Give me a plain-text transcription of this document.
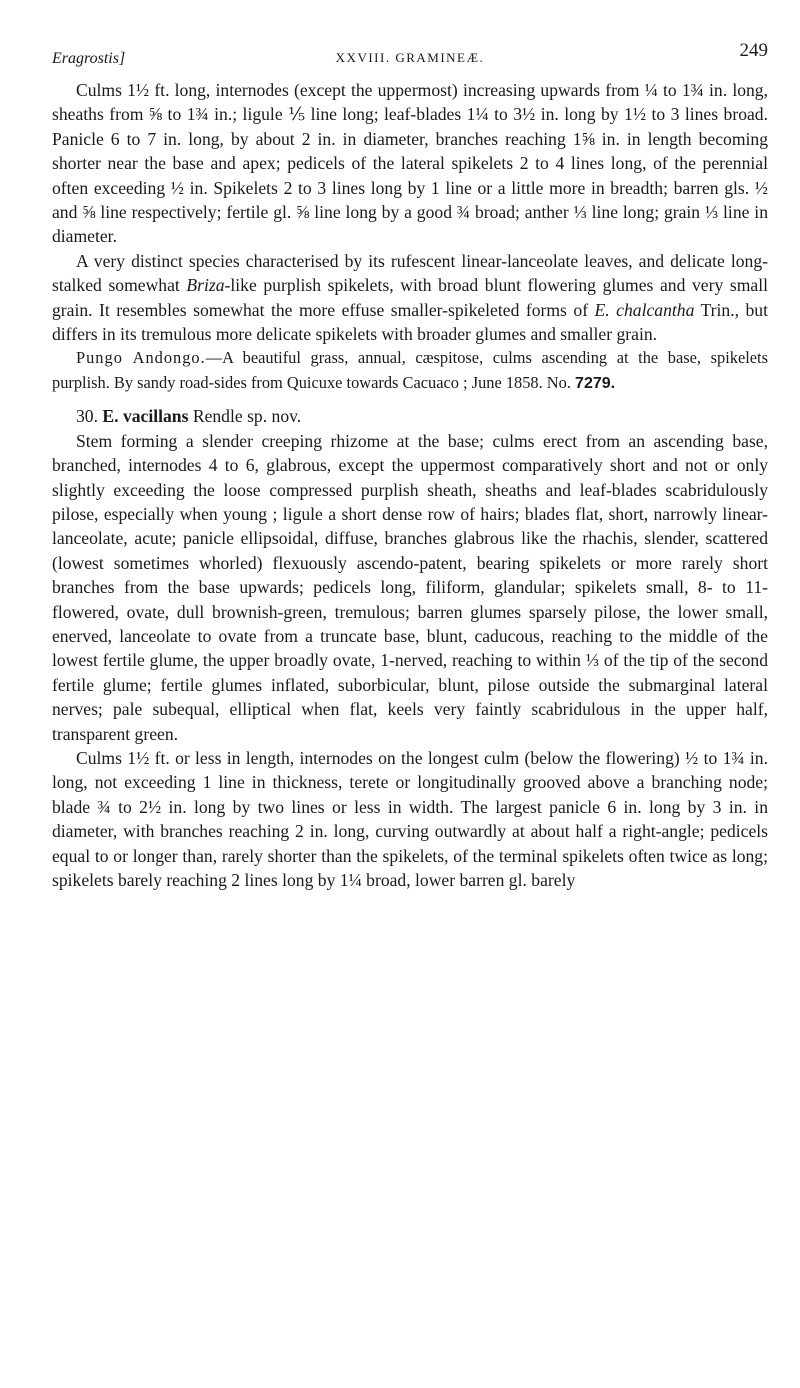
Eragrostis]	XXVIII. GRAMINEÆ.	249

Culms 1½ ft. long, internodes (except the uppermost) increasing upwards from ¼ to 1¾ in. long, sheaths from ⅝ to 1¾ in.; ligule ⅕ line long; leaf-blades 1¼ to 3½ in. long by 1½ to 3 lines broad. Panicle 6 to 7 in. long, by about 2 in. in diameter, branches reaching 1⅝ in. in length becoming shorter near the base and apex; pedicels of the lateral spikelets 2 to 4 lines long, of the perennial often exceeding ½ in. Spikelets 2 to 3 lines long by 1 line or a little more in breadth; barren gls. ½ and ⅝ line respectively; fertile gl. ⅝ line long by a good ¾ broad; anther ⅓ line long; grain ⅓ line in diameter.

A very distinct species characterised by its rufescent linear-lanceolate leaves, and delicate long-stalked somewhat Briza-like purplish spikelets, with broad blunt flowering glumes and very small grain. It resembles somewhat the more effuse smaller-spikeleted forms of E. chalcantha Trin., but differs in its tremulous more delicate spikelets with broader glumes and smaller grain.

Pungo Andongo.—A beautiful grass, annual, cæspitose, culms ascending at the base, spikelets purplish. By sandy road-sides from Quicuxe towards Cacuaco ; June 1858. No. 7279.

30. E. vacillans Rendle sp. nov.

Stem forming a slender creeping rhizome at the base; culms erect from an ascending base, branched, internodes 4 to 6, glabrous, except the uppermost comparatively short and not or only slightly exceeding the loose compressed purplish sheath, sheaths and leaf-blades scabridulously pilose, especially when young ; ligule a short dense row of hairs; blades flat, short, narrowly linear-lanceolate, acute; panicle ellipsoidal, diffuse, branches glabrous like the rhachis, slender, scattered (lowest sometimes whorled) flexuously ascendo-patent, bearing spikelets or more rarely short branches from the base upwards; pedicels long, filiform, glandular; spikelets small, 8- to 11-flowered, ovate, dull brownish-green, tremulous; barren glumes sparsely pilose, the lower small, enerved, lanceolate to ovate from a truncate base, blunt, caducous, reaching to the middle of the lowest fertile glume, the upper broadly ovate, 1-nerved, reaching to within ⅓ of the tip of the second fertile glume; fertile glumes inflated, suborbicular, blunt, pilose outside the submarginal lateral nerves; pale subequal, elliptical when flat, keels very faintly scabridulous in the upper half, transparent green.

Culms 1½ ft. or less in length, internodes on the longest culm (below the flowering) ½ to 1¾ in. long, not exceeding 1 line in thickness, terete or longitudinally grooved above a branching node; blade ¾ to 2½ in. long by two lines or less in width. The largest panicle 6 in. long by 3 in. in diameter, with branches reaching 2 in. long, curving outwardly at about half a right-angle; pedicels equal to or longer than, rarely shorter than the spikelets, of the terminal spikelets often twice as long; spikelets barely reaching 2 lines long by 1¼ broad, lower barren gl. barely
